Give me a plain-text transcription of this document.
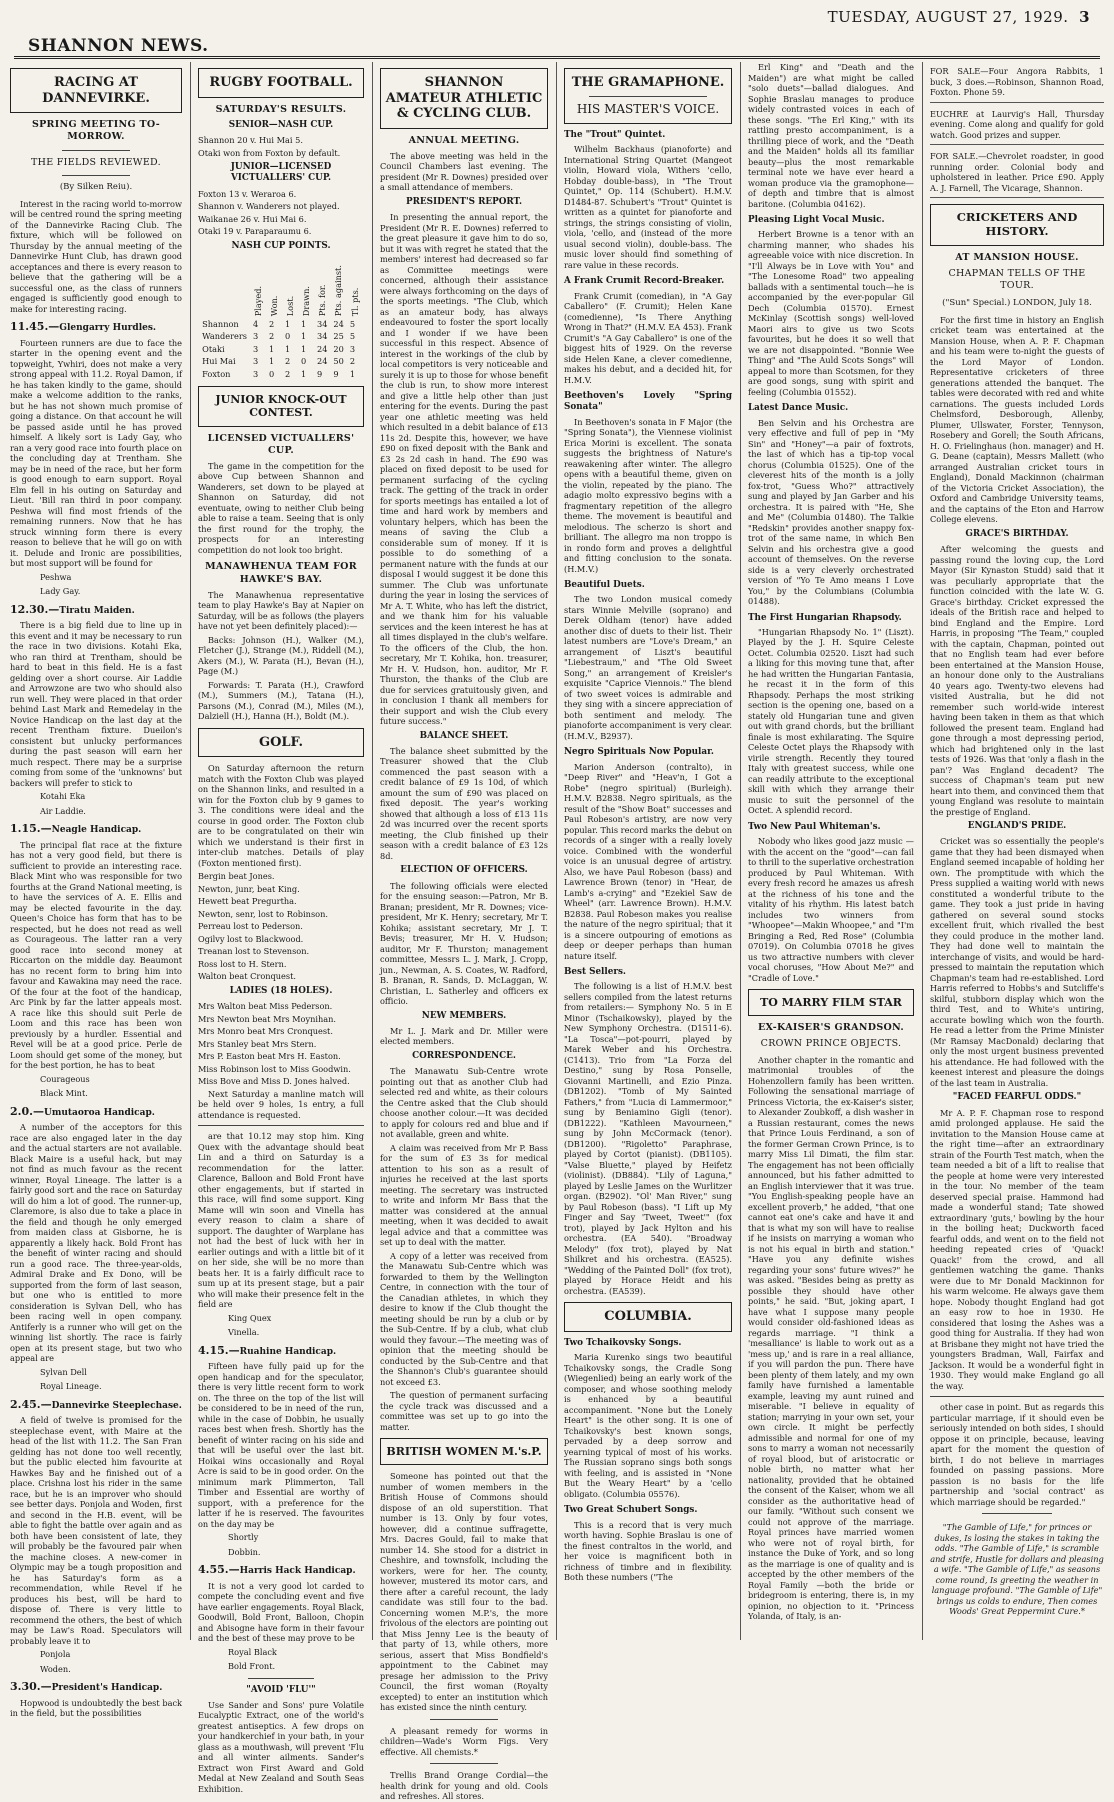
SHANNON NEWS.
TUESDAY, AUGUST 27, 1929. 3
RACING AT DANNEVIRKE.
SPRING MEETING TO-MORROW.
THE FIELDS REVIEWED.
(By Silken Reiu).
Interest in the racing world to-morrow will be centred round the spring meeting of the Dannevirke Racing Club. The fixture, which will be followed on Thursday by the annual meeting of the Dannevirke Hunt Club, has drawn good acceptances and there is every reason to believe that the gathering will be a successful one, as the class of runners engaged is sufficiently good enough to make for interesting racing.
11.45.—Glengarry Hurdles.
Fourteen runners are due to face the starter in the opening event and the topweight, Ywhiri, does not make a very strong appeal with 11.2. Royal Damon, if he has taken kindly to the game, should make a welcome addition to the ranks, but he has not shown much promise of going a distance. On that account he will be passed aside until he has proved himself. A likely sort is Lady Gay, who ran a very good race into fourth place on the concluding day at Trentham. She may be in need of the race, but her form is good enough to earn support. Royal Elm fell in his outing on Saturday and Lieut. 'Bill ran third in poor company. Peshwa will find most friends of the remaining runners. Now that he has struck winning form there is every reason to believe that he will go on with it. Delude and Ironic are possibilities, but most support will be found for
Peshwa
Lady Gay.
12.30.—Tiratu Maiden.
There is a big field due to line up in this event and it may be necessary to run the race in two divisions. Kotahi Eka, who ran third at Trentham, should be hard to beat in this field. He is a fast gelding over a short course. Air Laddie and Arrowzone are two who should also run well. They were placed in that order behind Last Mark and Remedelay in the Novice Handicap on the last day at the recent Trentham fixture. Dueilon's consistent but unlucky performances during the past season will earn her much respect. There may be a surprise coming from some of the 'unknowns' but backers will prefer to stick to
Kotahi Eka
Air Laddie.
1.15.—Neagle Handicap.
The principal flat race at the fixture has not a very good field, but there is sufficient to provide an interesting race. Black Mint who was responsible for two fourths at the Grand National meeting, is to have the services of A. E. Ellis and may be elected favourite in the day. Queen's Choice has form that has to be respected, but he does not read as well as Courageous. The latter ran a very good race into second money at Riccarton on the middle day. Beaumont has no recent form to bring him into favour and Kawakina may need the race. Of the four at the foot of the handicap, Arc Pink by far the latter appeals most. A race like this should suit Perle de Loom and this race has been won previously by a hurdler. Essential and Revel will be at a good price. Perle de Loom should get some of the money, but for the best portion, he has to beat
Courageous
Black Mint.
2.0.—Umutaoroa Handicap.
A number of the acceptors for this race are also engaged later in the day and the actual starters are not available. Black Maire is a useful hack, but may not find as much favour as the recent winner, Royal Lineage. The latter is a fairly good sort and the race on Saturday will do him a lot of good. The runner-up, Claremore, is also due to take a place in the field and though he only emerged from maiden class at Gisborne, he is apparently a likely hack. Bold Front has the benefit of winter racing and should run a good race. The three-year-olds, Admiral Drake and Ex Dono, will be supported from the form of last season, but one who is entitled to more consideration is Sylvan Dell, who has been racing well in open company. Antiferly is a runner who will get on the winning list shortly. The race is fairly open at its present stage, but two who appeal are
Sylvan Dell
Royal Lineage.
2.45.—Dannevirke Steeplechase.
A field of twelve is promised for the steeplechase event, with Maire at the head of the list with 11.2. The San Fran gelding has not done too well recently, but the public elected him favourite at Hawkes Bay and he finished out of a place. Crishna lost his rider in the same race, but he is an improver who should see better days. Ponjola and Woden, first and second in the H.B. event, will be able to fight the battle over again and as both have been consistent of late, they will probably be the favoured pair when the machine closes. A new-comer in Olympic may be a tough proposition and he has Saturday's form as a recommendation, while Revel if he produces his best, will be hard to dispose of. There is very little to recommend the others, the best of which may be Law's Road. Speculators will probably leave it to
Ponjola
Woden.
3.30.—President's Handicap.
Hopwood is undoubtedly the best back in the field, but the possibilities
RUGBY FOOTBALL.
SATURDAY'S RESULTS.
SENIOR—NASH CUP.
Shannon 20 v. Hui Mai 5.
Otaki won from Foxton by default.
JUNIOR—LICENSED VICTUALLERS' CUP.
Foxton 13 v. Weraroa 6.
Shannon v. Wanderers not played.
Waikanae 26 v. Hui Mai 6.
Otaki 19 v. Paraparaumu 6.
NASH CUP POINTS.

	Played.	Won.	Lost.	Drawn.	Pts. for.	Pts. against.	Tl. pts.

Shannon	4	2	1	1	34	24	5
Wanderers	3	2	0	1	34	25	5
Otaki	3	1	1	1	24	20	3
Hui Mai	3	1	2	0	24	50	2
Foxton	3	0	2	1	9	9	1
JUNIOR KNOCK-OUT CONTEST.
LICENSED VICTUALLERS' CUP.
The game in the competition for the above Cup between Shannon and Wanderers, set down to be played at Shannon on Saturday, did not eventuate, owing to neither Club being able to raise a team. Seeing that is only the first round for the trophy, the prospects for an interesting competition do not look too bright.
MANAWHENUA TEAM FOR HAWKE'S BAY.
The Manawhenua representative team to play Hawke's Bay at Napier on Saturday, will be as follows (the players have not yet been definitely placed):—
Backs: Johnson (H.), Walker (M.), Fletcher (J.), Strange (M.), Riddell (M.), Akers (M.), W. Parata (H.), Bevan (H.), Page (M.)
Forwards: T. Parata (H.), Crawford (M.), Summers (M.), Tatana (H.), Parsons (M.), Conrad (M.), Miles (M.), Dalziell (H.), Hanna (H.), Boldt (M.).
GOLF.
On Saturday afternoon the return match with the Foxton Club was played on the Shannon links, and resulted in a win for the Foxton club by 9 games to 3. The conditions were ideal and the course in good order. The Foxton club are to be congratulated on their win which we understand is their first in inter-club matches. Details of play (Foxton mentioned first).
Bergin beat Jones.
Newton, junr, beat King.
Hewett beat Pregurtha.
Newton, senr, lost to Robinson.
Perreau lost to Pederson.
Ogilvy lost to Blackwood.
Treanan lost to Stevenson.
Ross lost to H. Stern.
Walton beat Cronquest.
LADIES (18 HOLES).
Mrs Walton beat Miss Pederson.
Mrs Newton beat Mrs Moynihan.
Mrs Monro beat Mrs Cronquest.
Mrs Stanley beat Mrs Stern.
Mrs P. Easton beat Mrs H. Easton.
Miss Robinson lost to Miss Goodwin.
Miss Bove and Miss D. Jones halved.
Next Saturday a manline match will be held over 9 holes, 1s entry, a full attendance is requested.
are that 10.12 may stop him. King Quex with the advantage should beat Lin and a third on Saturday is a recommendation for the latter. Clarence, Balloon and Bold Front have other engagements, but if started in this race, will find some support. King Mame will win soon and Vinella has every reason to claim a share of support. The daughter of Warplane has not had the best of luck with her in earlier outings and with a little bit of it on her side, she will be no more than beats her. It is a fairly difficult race to sum up at its present stage, but a pair who will make their presence felt in the field are
King Quex
Vinella.
4.15.—Ruahine Handicap.
Fifteen have fully paid up for the open handicap and for the speculator, there is very little recent form to work on. The three on the top of the list will be considered to be in need of the run, while in the case of Dobbin, he usually races best when fresh. Shortly has the benefit of winter racing on his side and that will be useful over the last bit. Hoikai wins occasionally and Royal Acre is said to be in good order. On the minimum mark Plimmerton, Tall Timber and Essential are worthy of support, with a preference for the latter if he is reserved. The favourites on the day may be
Shortly
Dobbin.
4.55.—Harris Hack Handicap.
It is not a very good lot carded to compete the concluding event and five have earlier engagements. Royal Black, Goodwill, Bold Front, Balloon, Chopin and Abisogne have form in their favour and the best of these may prove to be
Royal Black
Bold Front.
"AVOID 'FLU'"
Use Sander and Sons' pure Volatile Eucalyptic Extract, one of the world's greatest antiseptics. A few drops on your handkerchief in your bath, in your glass as a mouthwash, will prevent 'Flu and all winter ailments. Sander's Extract won First Award and Gold Medal at New Zealand and South Seas Exhibition.
SHANNON AMATEUR ATHLETIC & CYCLING CLUB.
ANNUAL MEETING.
The above meeting was held in the Council Chambers last evening. The president (Mr R. Downes) presided over a small attendance of members.
PRESIDENT'S REPORT.
In presenting the annual report, the President (Mr R. E. Downes) referred to the great pleasure it gave him to do so, but it was with regret he stated that the members' interest had decreased so far as Committee meetings were concerned, although their assistance were always forthcoming on the days of the sports meetings. "The Club, which as an amateur body, has always endeavoured to foster the sport locally and I wonder if we have been successful in this respect. Absence of interest in the workings of the club by local competitors is very noticeable and surely it is up to those for whose benefit the club is run, to show more interest and give a little help other than just entering for the events. During the past year one athletic meeting was held which resulted in a debit balance of £13 11s 2d. Despite this, however, we have £90 on fixed deposit with the Bank and £3 2s 2d cash in hand. The £90 was placed on fixed deposit to be used for permanent surfacing of the cycling track. The getting of the track in order for sports meetings has entailed a lot of time and hard work by members and voluntary helpers, which has been the means of saving the Club a considerable sum of money. If it is possible to do something of a permanent nature with the funds at our disposal I would suggest it be done this summer. The Club was unfortunate during the year in losing the services of Mr A. T. White, who has left the district, and we thank him for his valuable services and the keen interest he has at all times displayed in the club's welfare. To the officers of the Club, the hon. secretary, Mr T. Kohika, hon. treasurer, Mr H. V. Hudson, hon. auditor, Mr F. Thurston, the thanks of the Club are due for services gratuitously given, and in conclusion I thank all members for their support and wish the Club every future success."
BALANCE SHEET.
The balance sheet submitted by the Treasurer showed that the Club commenced the past season with a credit balance of £9 1s 10d, of which amount the sum of £90 was placed on fixed deposit. The year's working showed that although a loss of £13 11s 2d was incurred over the recent sports meeting, the Club finished up their season with a credit balance of £3 12s 8d.
ELECTION OF OFFICERS.
The following officials were elected for the ensuing season:—Patron, Mr B. Branan; president, Mr R. Downes; vice-president, Mr K. Henry; secretary, Mr T. Kohika; assistant secretary, Mr J. T. Bevis; treasurer, Mr H. V. Hudson; auditor, Mr F. Thurston; management committee, Messrs L. J. Mark, J. Cropp, jun., Newman, A. S. Coates, W. Radford, B. Branan, R. Sands, D. McLaggan, W. Christian, L. Satherley and officers ex officio.
NEW MEMBERS.
Mr L. J. Mark and Dr. Miller were elected members.
CORRESPONDENCE.
The Manawatu Sub-Centre wrote pointing out that as another Club had selected red and white, as their colours the Centre asked that the Club should choose another colour.—It was decided to apply for colours red and blue and if not available, green and white.
A claim was received from Mr P. Bass for the sum of £3 3s for medical attention to his son as a result of injuries he received at the last sports meeting. The secretary was instructed to write and inform Mr Bass that the matter was considered at the annual meeting, when it was decided to await legal advice and that a committee was set up to deal with the matter.
A copy of a letter was received from the Manawatu Sub-Centre which was forwarded to them by the Wellington Centre, in connection with the tour of the Canadian athletes, in which they desire to know if the Club thought the meeting should be run by a club or by the Sub-Centre. If by a club, what club would they favour.—The meeting was of opinion that the meeting should be conducted by the Sub-Centre and that the Shannon's Club's guarantee should not exceed £3.
The question of permanent surfacing the cycle track was discussed and a committee was set up to go into the matter.
BRITISH WOMEN M.'s.P.
Someone has pointed out that the number of women members in the British House of Commons should dispose of an old superstition. That number is 13. Only by four votes, however, did a continue suffragette, Mrs. Dacres Gould, fail to make that number 14. She stood for a district in Cheshire, and townsfolk, including the workers, were for her. The county, however, mustered its motor cars, and there after a careful recount, the lady candidate was still four to the bad. Concerning women M.P.'s, the more frivolous of the electors are pointing out that Miss Jenny Lee is the beauty of that party of 13, while others, more serious, assert that Miss Bondfield's appointment to the Cabinet may presage her admission to the Privy Council, the first woman (Royalty excepted) to enter an institution which has existed since the ninth century.
A pleasant remedy for worms in children—Wade's Worm Figs. Very effective. All chemists.*
Trellis Brand Orange Cordial—the health drink for young and old. Cools and refreshes. All stores.
THE GRAMAPHONE.
HIS MASTER'S VOICE.
The "Trout" Quintet.
Wilhelm Backhaus (pianoforte) and International String Quartet (Mangeot violin, Howard viola, Withers 'cello, Hobday double-bass), in "The Trout Quintet," Op. 114 (Schubert). H.M.V. D1484-87. Schubert's "Trout" Quintet is written as a quintet for pianoforte and strings, the strings consisting of violin, viola, 'cello, and (instead of the more usual second violin), double-bass. The music lover should find something of rare value in these records.
A Frank Crumit Record-Breaker.
Frank Crumit (comedian), in "A Gay Caballero" (F. Crumit); Helen Kane (comedienne), "Is There Anything Wrong in That?" (H.M.V. EA 453). Frank Crumit's "A Gay Caballero" is one of the biggest hits of 1929. On the reverse side Helen Kane, a clever comedienne, makes his debut, and a decided hit, for H.M.V.
Beethoven's Lovely "Spring Sonata"
In Beethoven's sonata in F Major (the "Spring Sonata"), the Viennese violinist Erica Morini is excellent. The sonata suggests the brightness of Nature's reawakening after winter. The allegro opens with a beautiful theme, given on the violin, repeated by the piano. The adagio molto expressivo begins with a fragmentary repetition of the allegro theme. The movement is beautiful and melodious. The scherzo is short and brilliant. The allegro ma non troppo is in rondo form and proves a delightful and fitting conclusion to the sonata. (H.M.V.)
Beautiful Duets.
The two London musical comedy stars Winnie Melville (soprano) and Derek Oldham (tenor) have added another disc of duets to their list. Their latest numbers are "Love's Dream," an arrangement of Liszt's beautiful "Liebestraum," and "The Old Sweet Song," an arrangement of Kreisler's exquisite "Caprice Viennois." The blend of two sweet voices is admirable and they sing with a sincere appreciation of both sentiment and melody. The pianoforte accompaniment is very clear. (H.M.V., B2937).
Negro Spirituals Now Popular.
Marion Anderson (contralto), in "Deep River" and "Heav'n, I Got a Robe" (negro spiritual) (Burleigh). H.M.V. B2838. Negro spirituals, as the result of the "Show Boat" successes and Paul Robeson's artistry, are now very popular. This record marks the debut on records of a singer with a really lovely voice. Combined with the wonderful voice is an unusual degree of artistry. Also, we have Paul Robeson (bass) and Lawrence Brown (tenor) in "Hear, de Lamb's a-crying" and "Ezekiel Saw de Wheel" (arr. Lawrence Brown). H.M.V. B2838. Paul Robeson makes you realise the nature of the negro spiritual; that it is a sincere outpouring of emotions as deep or deeper perhaps than human nature itself.
Best Sellers.
The following is a list of H.M.V. best sellers compiled from the latest returns from retailers:— Symphony No. 5 in E Minor (Tschaikowsky), played by the New Symphony Orchestra. (D1511-6). "La Tosca"—pot-pourri, played by Marek Weber and his Orchestra. (C1413). Trio from "La Forza del Destino," sung by Rosa Ponselle, Giovanni Martinelli, and Ezio Pinza. (DB1202). "Tomb of My Sainted Fathers," from "Lucia di Lammermoor," sung by Beniamino Gigli (tenor). (DB1222). "Kathleen Mavourneen," sung by John McCormack (tenor). (DB1200). "Rigoletto" Paraphrase, played by Cortot (pianist). (DB1105). "Valse Bluette," played by Heifetz (violinist). (DB884). "Lily of Laguna," played by Leslie James on the Wurlitzer organ. (B2902). "Ol' Man River," sung by Paul Robeson (bass). "I Lift up My Finger and Say 'Tweet, Tweet'" (fox trot), played by Jack Hylton and his orchestra. (EA 540). "Broadway Melody" (fox trot), played by Nat Shilkret and his orchestra. (EA525). "Wedding of the Painted Doll" (fox trot), played by Horace Heidt and his orchestra. (EA539).
COLUMBIA.
Two Tchaikovsky Songs.
Maria Kurenko sings two beautiful Tchaikovsky songs, the Cradle Song (Wiegenlied) being an early work of the composer, and whose soothing melody is enhanced by a beautiful accompaniment. "None but the Lonely Heart" is the other song. It is one of Tchaikovsky's best known songs, pervaded by a deep sorrow and yearning typical of most of his works. The Russian soprano sings both songs with feeling, and is assisted in "None But the Weary Heart" by a 'cello obligato. (Columbia 05576).
Two Great Schubert Songs.
This is a record that is very much worth having. Sophie Braslau is one of the finest contraltos in the world, and her voice is magnificent both in richness of timbre and in flexibility. Both these numbers ("The
Erl King" and "Death and the Maiden") are what might be called "solo duets"—ballad dialogues. And Sophie Braslau manages to produce widely contrasted voices in each of these songs. "The Erl King," with its rattling presto accompaniment, is a thrilling piece of work, and the "Death and the Maiden" holds all its familiar beauty—plus the most remarkable terminal note we have ever heard a woman produce via the gramophone—of depth and timbre that is almost baritone. (Columbia 04162).
Pleasing Light Vocal Music.
Herbert Browne is a tenor with an charming manner, who shades his agreeable voice with nice discretion. In "I'll Always be in Love with You" and "The Lonesome Road" two appealing ballads with a sentimental touch—he is accompanied by the ever-popular Gil Dech (Columbia 01570). Ernest McKinlay (Scottish songs) well-loved Maori airs to give us two Scots favourites, but he does it so well that we are not disappointed. "Bonnie Wee Thing" and "The Auld Scots Songs" will appeal to more than Scotsmen, for they are good songs, sung with spirit and feeling (Columbia 01552).
Latest Dance Music.
Ben Selvin and his Orchestra are very effective and full of pep in "My Sin" and "Honey"—a pair of foxtrots, the last of which has a tip-top vocal chorus (Columbia 01525). One of the cleverest hits of the month is a jolly fox-trot, "Guess Who?" attractively sung and played by Jan Garber and his orchestra. It is paired with "He, She and Me" (Columbia 01480). The Talkie "Redskin" provides another snappy fox-trot of the same name, in which Ben Selvin and his orchestra give a good account of themselves. On the reverse side is a very cleverly orchestrated version of "Yo Te Amo means I Love You," by the Columbians (Columbia 01488).
The First Hungarian Rhapsody.
"Hungarian Rhapsody No. 1" (Liszt). Played by the J. H. Squire Celeste Octet. Columbia 02520. Liszt had such a liking for this moving tune that, after he had written the Hungarian Fantasia, he recast it in the form of this Rhapsody. Perhaps the most striking section is the opening one, based on a stately old Hungarian tune and given out with grand chords, but the brilliant finale is most exhilarating. The Squire Celeste Octet plays the Rhapsody with virile strength. Recently they toured Italy with greatest success, while one can readily attribute to the exceptional skill with which they arrange their music to suit the personnel of the Octet. A splendid record.
Two New Paul Whiteman's.
Nobody who likes good jazz music —with the accent on the "good"—can fail to thrill to the superlative orchestration produced by Paul Whiteman. With every fresh record he amazes us afresh at the richness of his tone and the vitality of his rhythm. His latest batch includes two winners from "Whoopee"—Makin Whoopee," and "I'm Bringing a Red, Red Rose" (Columbia 07019). On Columbia 07018 he gives us two attractive numbers with clever vocal choruses, "How About Me?" and "Cradle of Love."
TO MARRY FILM STAR
EX-KAISER'S GRANDSON.
CROWN PRINCE OBJECTS.
Another chapter in the romantic and matrimonial troubles of the Hohenzollern family has been written. Following the sensational marriage of Princess Victoria, the ex-Kaiser's sister, to Alexander Zoubkoff, a dish washer in a Russian restaurant, comes the news that Prince Louis Ferdinand, a son of the former German Crown Prince, is to marry Miss Lil Dimati, the film star. The engagement has not been officially announced, but his father admitted to an English interviewer that it was true. "You English-speaking people have an excellent proverb," he added, "that one cannot eat one's cake and have it and that is what my son will have to realise if he insists on marrying a woman who is not his equal in birth and station." "Have you any definite wishes regarding your sons' future wives?" he was asked. "Besides being as pretty as possible they should have other points," he said. "But, joking apart, I have what I suppose many people would consider old-fashioned ideas as regards marriage. "I think a 'mesalliance' is liable to work out as a 'mess up,' and is rare in a real alliance, if you will pardon the pun. There have been plenty of them lately, and my own family have furnished a lamentable example, leaving my aunt ruined and miserable. "I believe in equality of station; marrying in your own set, your own circle. It might be perfectly admissible and normal for one of my sons to marry a woman not necessarily of royal blood, but of aristocratic or noble birth, no matter what her nationality, provided that he obtained the consent of the Kaiser, whom we all consider as the authoritative head of our family. "Without such consent we could not approve of the marriage. Royal princes have married women who were not of royal birth, for instance the Duke of York, and so long as the marriage is one of quality and is accepted by the other members of the Royal Family —both the bride or bridegroom is entering, there is, in my opinion, no objection to it. "Princess Yolanda, of Italy, is an-
FOR SALE—Four Angora Rabbits, 1 buck, 3 does.—Robinson, Shannon Road, Foxton. Phone 59.
EUCHRE at Laurvig's Hall, Thursday evening. Come along and qualify for gold watch. Good prizes and supper.
FOR SALE.—Chevrolet roadster, in good running order. Colonial body and upholstered in leather. Price £90. Apply A. J. Farnell, The Vicarage, Shannon.
CRICKETERS AND HISTORY.
AT MANSION HOUSE.
CHAPMAN TELLS OF THE TOUR.
("Sun" Special.) LONDON, July 18.
For the first time in history an English cricket team was entertained at the Mansion House, when A. P. F. Chapman and his team were to-night the guests of the Lord Mayor of London. Representative cricketers of three generations attended the banquet. The tables were decorated with red and white carnations. The guests included Lords Chelmsford, Desborough, Allenby, Plumer, Ullswater, Forster, Tennyson, Rosebery and Gorell; the South Africans, H. O. Frielinghaus (hon. manager) and H. G. Deane (captain), Messrs Mallett (who arranged Australian cricket tours in England), Donald Mackinnon (chairman of the Victoria Cricket Association), the Oxford and Cambridge University teams, and the captains of the Eton and Harrow College elevens.
GRACE'S BIRTHDAY.
After welcoming the guests and passing round the loving cup, the Lord Mayor (Sir Kynaston Studd) said that it was peculiarly appropriate that the function coincided with the late W. G. Grace's birthday. Cricket expressed the ideals of the British race and helped to bind England and the Empire. Lord Harris, in proposing "The Team," coupled with the captain, Chapman, pointed out that no English team had ever before been entertained at the Mansion House, an honour done only to the Australians 40 years ago. Twenty-two elevens had visited Australia, but he did not remember such world-wide interest having been taken in them as that which followed the present team. England had gone through a most depressing period, which had brightened only in the last tests of 1926. Was that 'only a flash in the pan'? Was England decadent? The success of Chapman's team put new heart into them, and convinced them that young England was resolute to maintain the prestige of England.
ENGLAND'S PRIDE.
Cricket was so essentially the people's game that they had been dismayed when England seemed incapable of holding her own. The promptitude with which the Press supplied a waiting world with news constituted a wonderful tribute to the game. They took a just pride in having gathered on several sound stocks excellent fruit, which rivalled the best they could produce in the mother land. They had done well to maintain the interchange of visits, and would be hard-pressed to maintain the reputation which Chapman's team had re-established. Lord Harris referred to Hobbs's and Sutcliffe's skilful, stubborn display which won the third Test, and to White's untiring, accurate bowling which won the fourth. He read a letter from the Prime Minister (Mr Ramsay MacDonald) declaring that only the most urgent business prevented his attendance. He had followed with the keenest interest and pleasure the doings of the last team in Australia.
"FACED FEARFUL ODDS."
Mr A. P. F. Chapman rose to respond amid prolonged applause. He said the invitation to the Mansion House came at the right time—after an extraordinary strain of the Fourth Test match, when the team needed a bit of a lift to realise that the people at home were very interested in the tour. No member of the team deserved special praise. Hammond had made a wonderful stand; Tate showed extraordinary 'guts,' bowling by the hour in the boiling heat; Duckworth faced fearful odds, and went on to the field not heeding repeated cries of 'Quack! Quack!' from the crowd, and all gentlemen watching the game. Thanks were due to Mr Donald Mackinnon for his warm welcome. He always gave them hope. Nobody thought England had got an easy row to hoe in 1930. He considered that losing the Ashes was a good thing for Australia. If they had won at Brisbane they might not have tried the youngsters Bradman, Wall, Fairfax and Jackson. It would be a wonderful fight in 1930. They would make England go all the way.
other case in point. But as regards this particular marriage, if it should even be seriously intended on both sides, I should oppose it on principle, because, leaving apart for the moment the question of birth, I do not believe in marriages founded on passing passions. More passion is no basis for the life partnership and 'social contract' as which marriage should be regarded."
"The Gamble of Life," for princes or dukes, Is losing the stakes in taking the odds. "The Gamble of Life," is scramble and strife, Hustle for dollars and pleasing a wife. "The Gamble of Life," as seasons come round, Is greeting the weather in language profound. "The Gamble of Life" brings us colds to endure, Then comes Woods' Great Peppermint Cure.*
